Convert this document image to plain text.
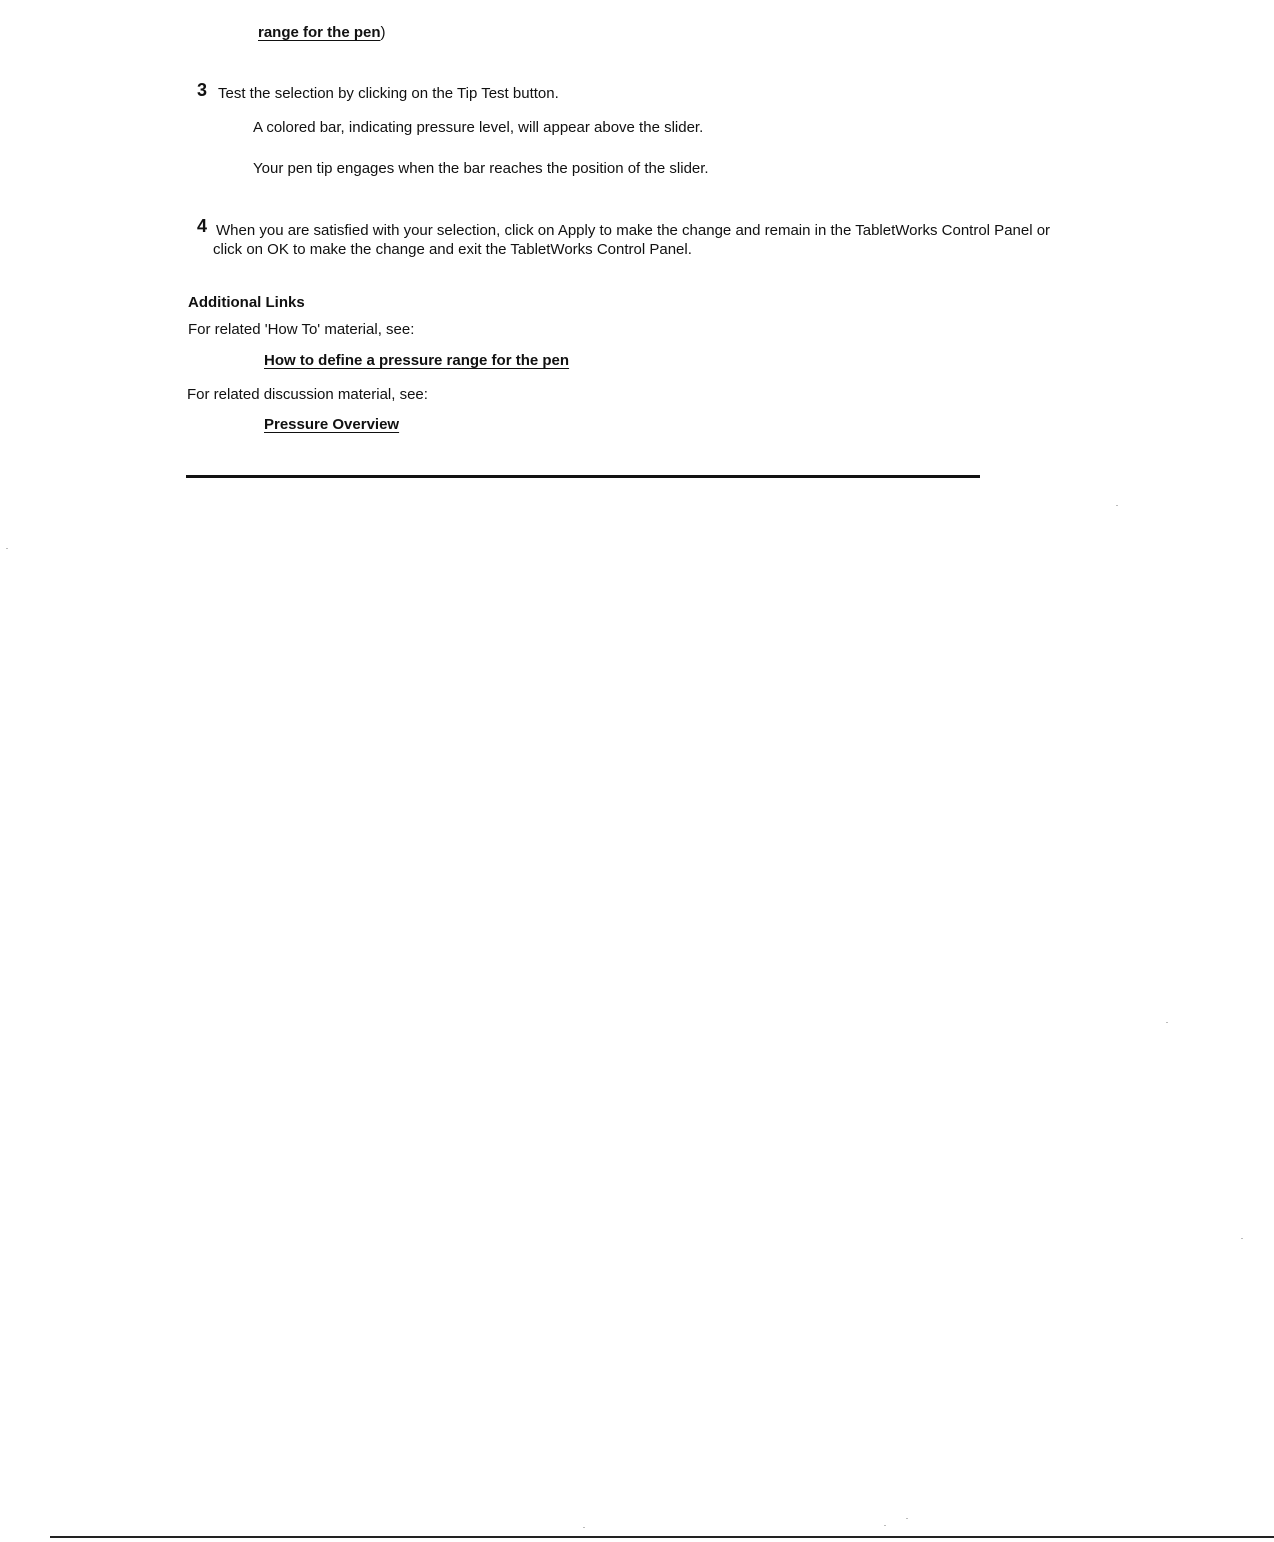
range for the pen)
3 Test the selection by clicking on the Tip Test button.
A colored bar, indicating pressure level, will appear above the slider.
Your pen tip engages when the bar reaches the position of the slider.
4 When you are satisfied with your selection, click on Apply to make the change and remain in the TabletWorks Control Panel or
click on OK to make the change and exit the TabletWorks Control Panel.
Additional Links
For related 'How To' material, see:
How to define a pressure range for the pen
For related discussion material, see:
Pressure Overview
